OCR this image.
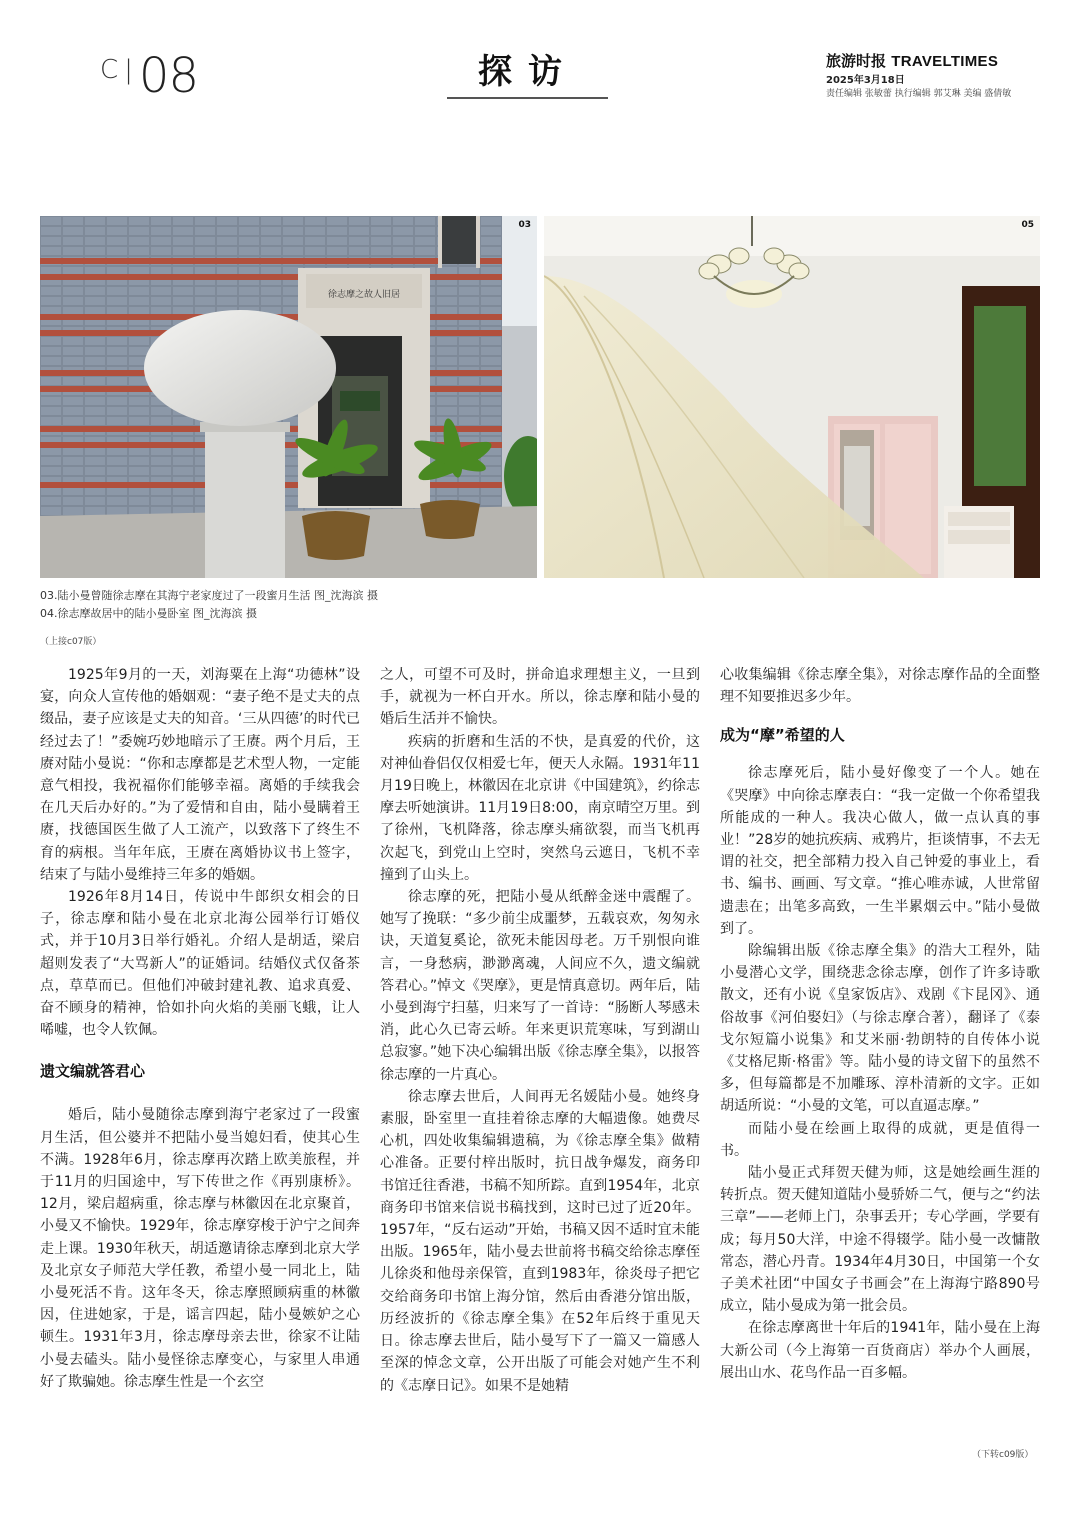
C|08	探访	旅游时报 TRAVELTIMES
2025年3月18日
责任编辑 张敏蕾 执行编辑 郭艾琳 美编 盛倩敏
徐志摩之故人旧居
03	05
03.陆小曼曾随徐志摩在其海宁老家度过了一段蜜月生活 图_沈海滨 摄
04.徐志摩故居中的陆小曼卧室 图_沈海滨 摄
（上接c07版）

1925年9月的一天，刘海粟在上海“功德林”设宴，向众人宣传他的婚姻观：“妻子绝不是丈夫的点缀品，妻子应该是丈夫的知音。‘三从四德’的时代已经过去了！”委婉巧妙地暗示了王赓。两个月后，王赓对陆小曼说：“你和志摩都是艺术型人物，一定能意气相投，我祝福你们能够幸福。离婚的手续我会在几天后办好的。”为了爱情和自由，陆小曼瞒着王赓，找德国医生做了人工流产，以致落下了终生不育的病根。当年年底，王赓在离婚协议书上签字，结束了与陆小曼维持三年多的婚姻。

1926年8月14日，传说中牛郎织女相会的日子，徐志摩和陆小曼在北京北海公园举行订婚仪式，并于10月3日举行婚礼。介绍人是胡适，梁启超则发表了“大骂新人”的证婚词。结婚仪式仅备茶点，草草而已。但他们冲破封建礼教、追求真爱、奋不顾身的精神，恰如扑向火焰的美丽飞蛾，让人唏嘘，也令人钦佩。

遗文编就答君心

婚后，陆小曼随徐志摩到海宁老家过了一段蜜月生活，但公婆并不把陆小曼当媳妇看，使其心生不满。1928年6月，徐志摩再次踏上欧美旅程，并于11月的归国途中，写下传世之作《再别康桥》。12月，梁启超病重，徐志摩与林徽因在北京聚首，小曼又不愉快。1929年，徐志摩穿梭于沪宁之间奔走上课。1930年秋天，胡适邀请徐志摩到北京大学及北京女子师范大学任教，希望小曼一同北上，陆小曼死活不肯。这年冬天，徐志摩照顾病重的林徽因，住进她家，于是，谣言四起，陆小曼嫉妒之心顿生。1931年3月，徐志摩母亲去世，徐家不让陆小曼去磕头。陆小曼怪徐志摩变心，与家里人串通好了欺骗她。徐志摩生性是一个玄空

之人，可望不可及时，拼命追求理想主义，一旦到手，就视为一杯白开水。所以，徐志摩和陆小曼的婚后生活并不愉快。

疾病的折磨和生活的不快，是真爱的代价，这对神仙眷侣仅仅相爱七年，便天人永隔。1931年11月19日晚上，林徽因在北京讲《中国建筑》，约徐志摩去听她演讲。11月19日8:00，南京晴空万里。到了徐州，飞机降落，徐志摩头痛欲裂，而当飞机再次起飞，到党山上空时，突然乌云遮日，飞机不幸撞到了山头上。

徐志摩的死，把陆小曼从纸醉金迷中震醒了。她写了挽联：“多少前尘成噩梦，五载哀欢，匆匆永诀，天道复奚论，欲死未能因母老。万千别恨向谁言，一身愁病，渺渺离魂，人间应不久，遗文编就答君心。”悼文《哭摩》，更是情真意切。两年后，陆小曼到海宁扫墓，归来写了一首诗：“肠断人琴感未消，此心久已寄云峤。年来更识荒寒味，写到湖山总寂寥。”她下决心编辑出版《徐志摩全集》，以报答徐志摩的一片真心。

徐志摩去世后，人间再无名媛陆小曼。她终身素服，卧室里一直挂着徐志摩的大幅遗像。她费尽心机，四处收集编辑遗稿，为《徐志摩全集》做精心准备。正要付梓出版时，抗日战争爆发，商务印书馆迁往香港，书稿不知所踪。直到1954年，北京商务印书馆来信说书稿找到，这时已过了近20年。1957年，“反右运动”开始，书稿又因不适时宜未能出版。1965年，陆小曼去世前将书稿交给徐志摩侄儿徐炎和他母亲保管，直到1983年，徐炎母子把它交给商务印书馆上海分馆，然后由香港分馆出版，历经波折的《徐志摩全集》在52年后终于重见天日。徐志摩去世后，陆小曼写下了一篇又一篇感人至深的悼念文章，公开出版了可能会对她产生不利的《志摩日记》。如果不是她精

心收集编辑《徐志摩全集》，对徐志摩作品的全面整理不知要推迟多少年。

成为“摩”希望的人

徐志摩死后，陆小曼好像变了一个人。她在《哭摩》中向徐志摩表白：“我一定做一个你希望我所能成的一种人。我决心做人，做一点认真的事业！”28岁的她抗疾病、戒鸦片，拒谈情事，不去无谓的社交，把全部精力投入自己钟爱的事业上，看书、编书、画画、写文章。“推心唯赤诚，人世常留遗恚在；出笔多高致，一生半累烟云中。”陆小曼做到了。

除编辑出版《徐志摩全集》的浩大工程外，陆小曼潜心文学，围绕悲念徐志摩，创作了许多诗歌散文，还有小说《皇家饭店》、戏剧《卞昆冈》、通俗故事《河伯娶妇》（与徐志摩合著），翻译了《泰戈尔短篇小说集》和艾米丽·勃朗特的自传体小说《艾格尼斯·格雷》等。陆小曼的诗文留下的虽然不多，但每篇都是不加雕琢、淳朴清新的文字。正如胡适所说：“小曼的文笔，可以直逼志摩。”

而陆小曼在绘画上取得的成就，更是值得一书。

陆小曼正式拜贺天健为师，这是她绘画生涯的转折点。贺天健知道陆小曼骄娇二气，便与之“约法三章”——老师上门，杂事丢开；专心学画，学要有成；每月50大洋，中途不得辍学。陆小曼一改慵散常态，潜心丹青。1934年4月30日，中国第一个女子美术社团“中国女子书画会”在上海海宁路890号成立，陆小曼成为第一批会员。

在徐志摩离世十年后的1941年，陆小曼在上海大新公司（今上海第一百货商店）举办个人画展，展出山水、花鸟作品一百多幅。

（下转c09版）
